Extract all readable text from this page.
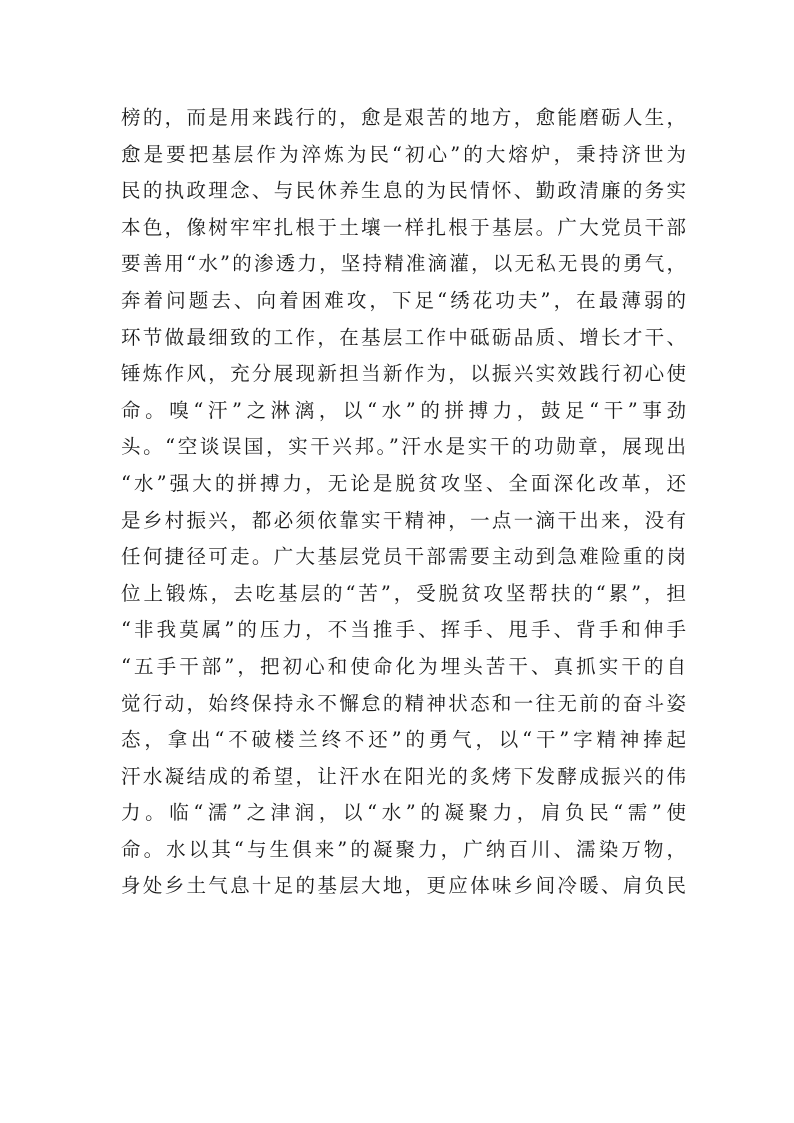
榜的，而是用来践行的，愈是艰苦的地方，愈能磨砺人生，
愈是要把基层作为淬炼为民“初心”的大熔炉，秉持济世为
民的执政理念、与民休养生息的为民情怀、勤政清廉的务实
本色，像树牢牢扎根于土壤一样扎根于基层。广大党员干部
要善用“水”的渗透力，坚持精准滴灌，以无私无畏的勇气，
奔着问题去、向着困难攻，下足“绣花功夫”，在最薄弱的
环节做最细致的工作，在基层工作中砥砺品质、增长才干、
锤炼作风，充分展现新担当新作为，以振兴实效践行初心使
命。嗅“汗”之淋漓，以“水”的拼搏力，鼓足“干”事劲
头。“空谈误国，实干兴邦。”汗水是实干的功勋章，展现出
“水”强大的拼搏力，无论是脱贫攻坚、全面深化改革，还
是乡村振兴，都必须依靠实干精神，一点一滴干出来，没有
任何捷径可走。广大基层党员干部需要主动到急难险重的岗
位上锻炼，去吃基层的“苦”，受脱贫攻坚帮扶的“累”，担
“非我莫属”的压力，不当推手、挥手、甩手、背手和伸手
“五手干部”，把初心和使命化为埋头苦干、真抓实干的自
觉行动，始终保持永不懈怠的精神状态和一往无前的奋斗姿
态，拿出“不破楼兰终不还”的勇气，以“干”字精神捧起
汗水凝结成的希望，让汗水在阳光的炙烤下发酵成振兴的伟
力。临“濡”之津润，以“水”的凝聚力，肩负民“需”使
命。水以其“与生俱来”的凝聚力，广纳百川、濡染万物，
身处乡土气息十足的基层大地，更应体味乡间冷暖、肩负民
